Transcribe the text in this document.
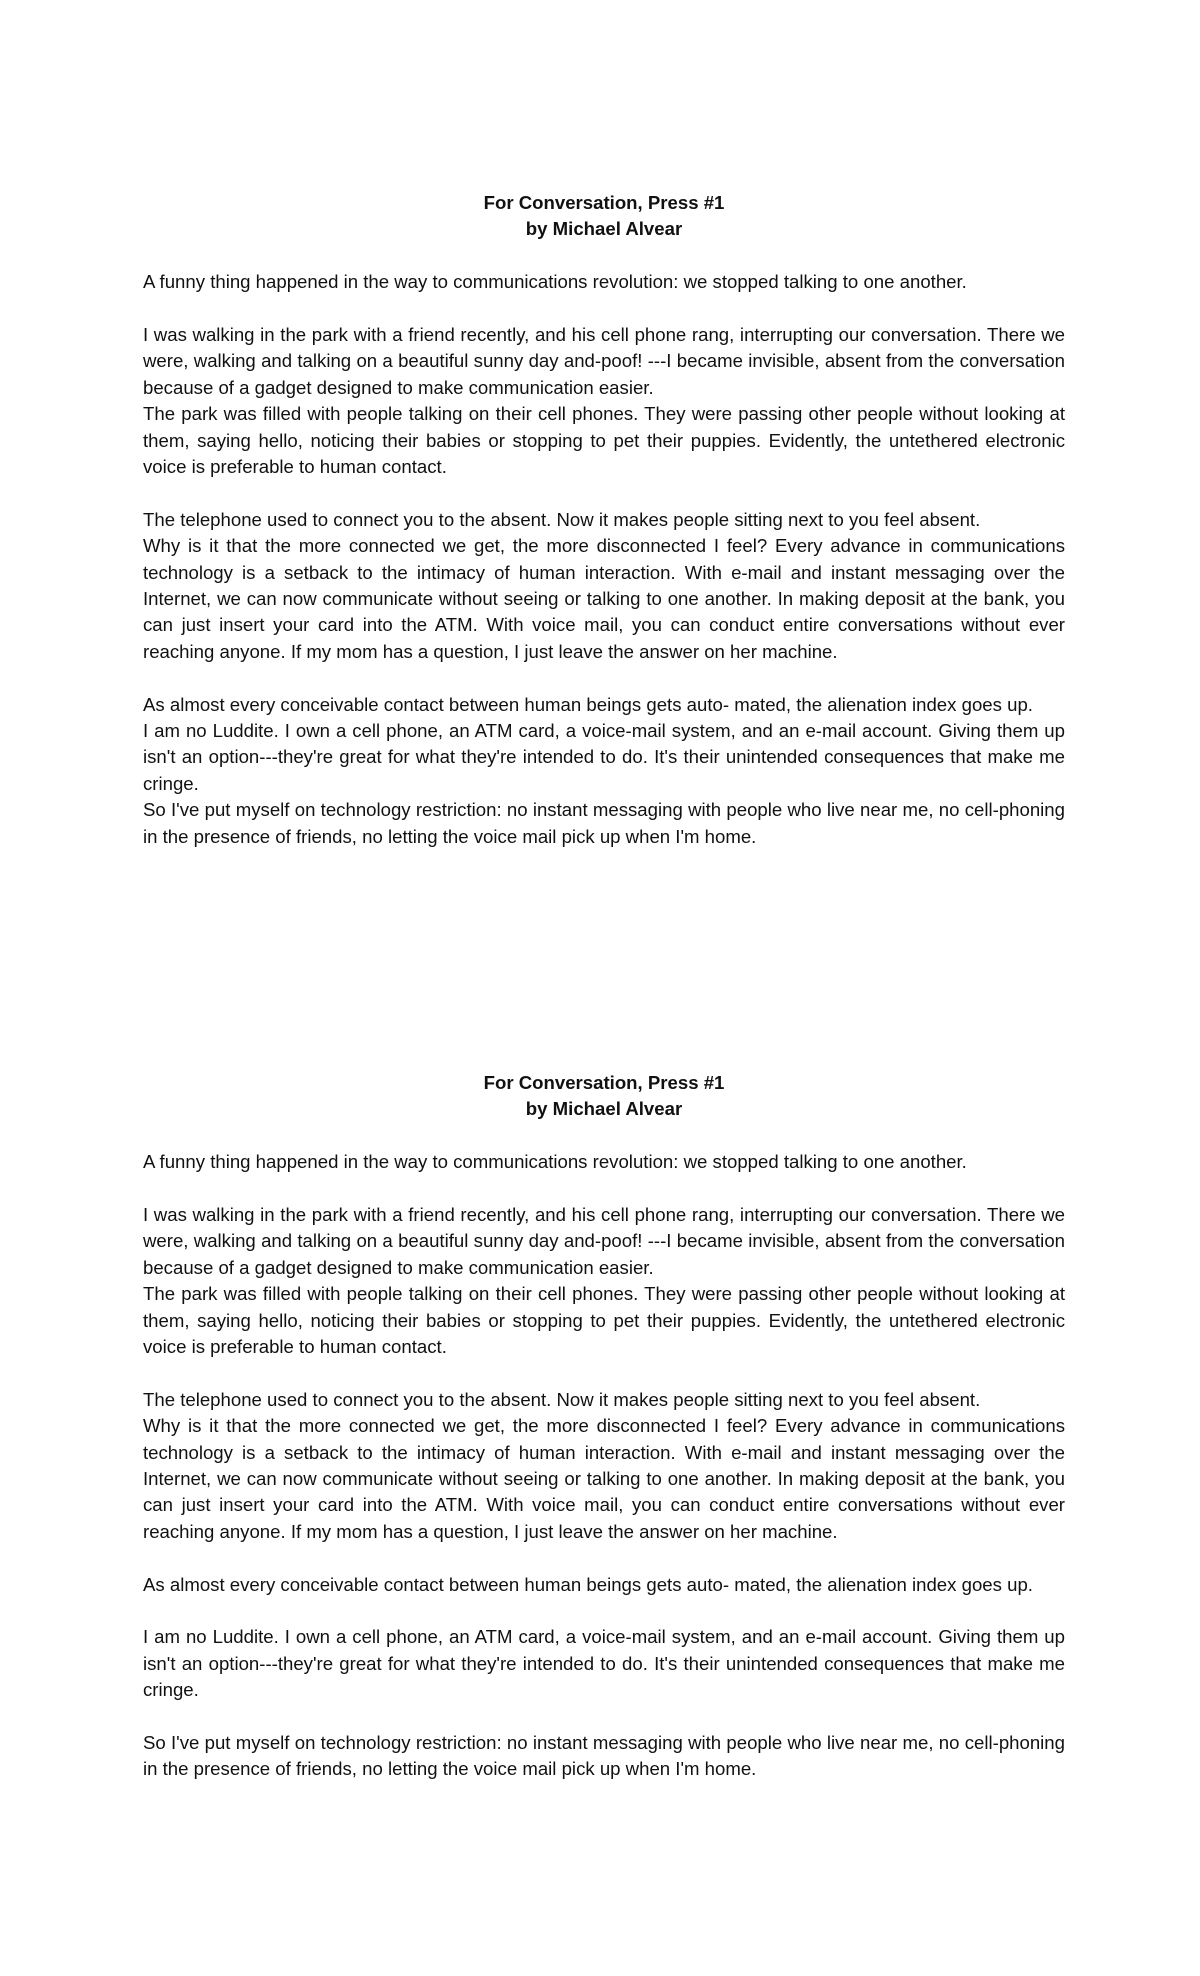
For Conversation, Press #1

by Michael Alvear

A funny thing happened in the way to communications revolution: we stopped talking to one another.

I was walking in the park with a friend recently, and his cell phone rang, interrupting our conversation. There we were, walking and talking on a beautiful sunny day and-poof! ---I became invisible, absent from the conversation because of a gadget designed to make communication easier.

The park was filled with people talking on their cell phones. They were passing other people without looking at them, saying hello, noticing their babies or stopping to pet their puppies. Evidently, the untethered electronic voice is preferable to human contact.

The telephone used to connect you to the absent. Now it makes people sitting next to you feel absent.

Why is it that the more connected we get, the more disconnected I feel? Every advance in communications technology is a setback to the intimacy of human interaction. With e-mail and instant messaging over the Internet, we can now communicate without seeing or talking to one another. In making deposit at the bank, you can just insert your card into the ATM. With voice mail, you can conduct entire conversations without ever reaching anyone. If my mom has a question, I just leave the answer on her machine.

As almost every conceivable contact between human beings gets auto- mated, the alienation index goes up.

I am no Luddite. I own a cell phone, an ATM card, a voice-mail system, and an e-mail account. Giving them up isn't an option---they're great for what they're intended to do. It's their unintended consequences that make me cringe.

So I've put myself on technology restriction: no instant messaging with people who live near me, no cell-phoning in the presence of friends, no letting the voice mail pick up when I'm home.

For Conversation, Press #1

by Michael Alvear

A funny thing happened in the way to communications revolution: we stopped talking to one another.

I was walking in the park with a friend recently, and his cell phone rang, interrupting our conversation. There we were, walking and talking on a beautiful sunny day and-poof! ---I became invisible, absent from the conversation because of a gadget designed to make communication easier.

The park was filled with people talking on their cell phones. They were passing other people without looking at them, saying hello, noticing their babies or stopping to pet their puppies. Evidently, the untethered electronic voice is preferable to human contact.

The telephone used to connect you to the absent. Now it makes people sitting next to you feel absent.

Why is it that the more connected we get, the more disconnected I feel? Every advance in communications technology is a setback to the intimacy of human interaction. With e-mail and instant messaging over the Internet, we can now communicate without seeing or talking to one another. In making deposit at the bank, you can just insert your card into the ATM. With voice mail, you can conduct entire conversations without ever reaching anyone. If my mom has a question, I just leave the answer on her machine.

As almost every conceivable contact between human beings gets auto- mated, the alienation index goes up.

I am no Luddite. I own a cell phone, an ATM card, a voice-mail system, and an e-mail account. Giving them up isn't an option---they're great for what they're intended to do. It's their unintended consequences that make me cringe.

So I've put myself on technology restriction: no instant messaging with people who live near me, no cell-phoning in the presence of friends, no letting the voice mail pick up when I'm home.
